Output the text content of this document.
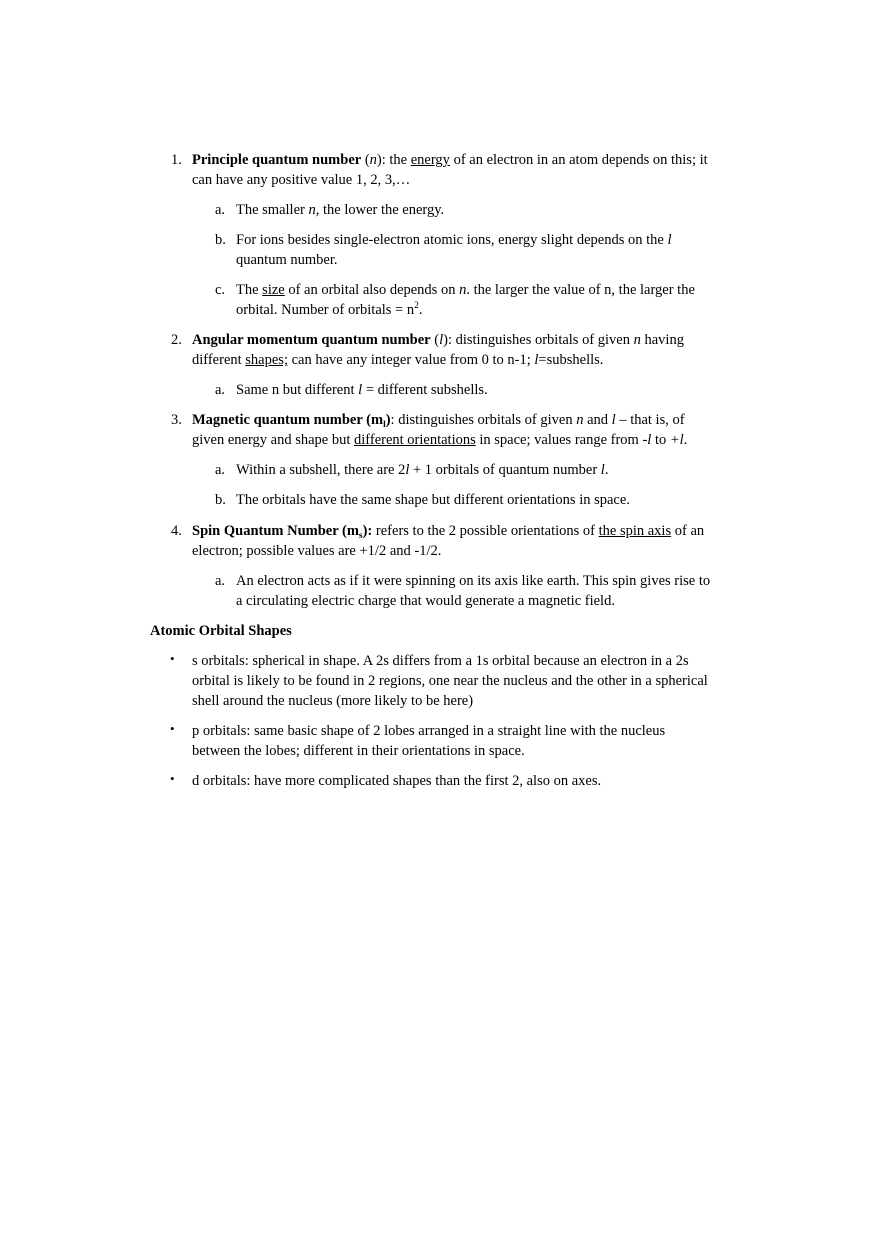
1. Principle quantum number (n): the energy of an electron in an atom depends on this; it

can have any positive value 1, 2, 3,…

a. The smaller n, the lower the energy.

b. For ions besides single-electron atomic ions, energy slight depends on the l

quantum number.

c. The size of an orbital also depends on n. the larger the value of n, the larger the

orbital. Number of orbitals = $n^2$.

2. Angular momentum quantum number (l): distinguishes orbitals of given n having

different shapes; can have any integer value from 0 to n-1; l=subshells.

a. Same n but different l = different subshells.

3. Magnetic quantum number $(m_l)$: distinguishes orbitals of given n and l – that is, of

given energy and shape but different orientations in space; values range from -l to +l.

a. Within a subshell, there are 2l + 1 orbitals of quantum number l.

b. The orbitals have the same shape but different orientations in space.

4. Spin Quantum Number $(m_s)$: refers to the 2 possible orientations of the spin axis of an

electron; possible values are +1/2 and -1/2.

a. An electron acts as if it were spinning on its axis like earth. This spin gives rise to

a circulating electric charge that would generate a magnetic field.

Atomic Orbital Shapes

• s orbitals: spherical in shape. A 2s differs from a 1s orbital because an electron in a 2s

orbital is likely to be found in 2 regions, one near the nucleus and the other in a spherical

shell around the nucleus (more likely to be here)

• p orbitals: same basic shape of 2 lobes arranged in a straight line with the nucleus

between the lobes; different in their orientations in space.

• d orbitals: have more complicated shapes than the first 2, also on axes.
